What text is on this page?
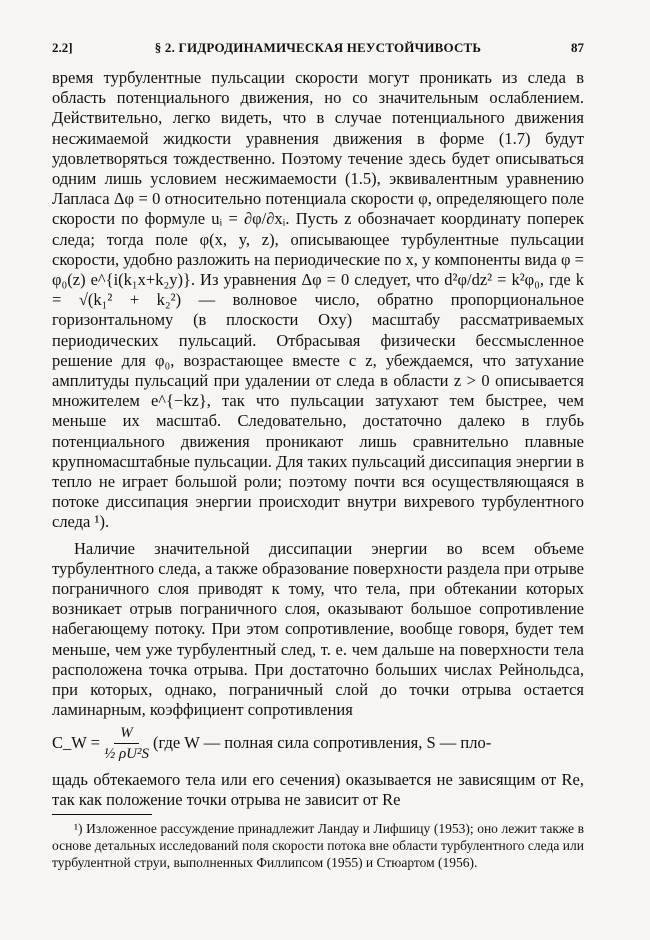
2.2]	§ 2. ГИДРОДИНАМИЧЕСКАЯ НЕУСТОЙЧИВОСТЬ	87

время турбулентные пульсации скорости могут проникать из следа в область потенциального движения, но со значительным ослаблением. Действительно, легко видеть, что в случае потенциального движения несжимаемой жидкости уравнения движения в форме (1.7) будут удовлетворяться тождественно. Поэтому течение здесь будет описываться одним лишь условием несжимаемости (1.5), эквивалентным уравнению Лапласа Δφ = 0 относительно потенциала скорости φ, определяющего поле скорости по формуле uᵢ = ∂φ/∂xᵢ. Пусть z обозначает координату поперек следа; тогда поле φ(x, y, z), описывающее турбулентные пульсации скорости, удобно разложить на периодические по x, y компоненты вида φ = φ₀(z) e^{i(k₁x+k₂y)}. Из уравнения Δφ = 0 следует, что d²φ/dz² = k²φ₀, где k = √(k₁² + k₂²) — волновое число, обратно пропорциональное горизонтальному (в плоскости Oxy) масштабу рассматриваемых периодических пульсаций. Отбрасывая физически бессмысленное решение для φ₀, возрастающее вместе с z, убеждаемся, что затухание амплитуды пульсаций при удалении от следа в области z > 0 описывается множителем e^{−kz}, так что пульсации затухают тем быстрее, чем меньше их масштаб. Следовательно, достаточно далеко в глубь потенциального движения проникают лишь сравнительно плавные крупномасштабные пульсации. Для таких пульсаций диссипация энергии в тепло не играет большой роли; поэтому почти вся осуществляющаяся в потоке диссипация энергии происходит внутри вихревого турбулентного следа ¹).

Наличие значительной диссипации энергии во всем объеме турбулентного следа, а также образование поверхности раздела при отрыве пограничного слоя приводят к тому, что тела, при обтекании которых возникает отрыв пограничного слоя, оказывают большое сопротивление набегающему потоку. При этом сопротивление, вообще говоря, будет тем меньше, чем уже турбулентный след, т. е. чем дальше на поверхности тела расположена точка отрыва. При достаточно больших числах Рейнольдса, при которых, однако, пограничный слой до точки отрыва остается ламинарным, коэффициент сопротивления

C_W = $\frac{W}{\text{½ ρU²S}} (где$ W — полная сила сопротивления, S — пло-

щадь обтекаемого тела или его сечения) оказывается не зависящим от Re, так как положение точки отрыва не зависит от Re

¹) Изложенное рассуждение принадлежит Ландау и Лифшицу (1953); оно лежит также в основе детальных исследований поля скорости потока вне области турбулентного следа или турбулентной струи, выполненных Филлипсом (1955) и Стюартом (1956).
